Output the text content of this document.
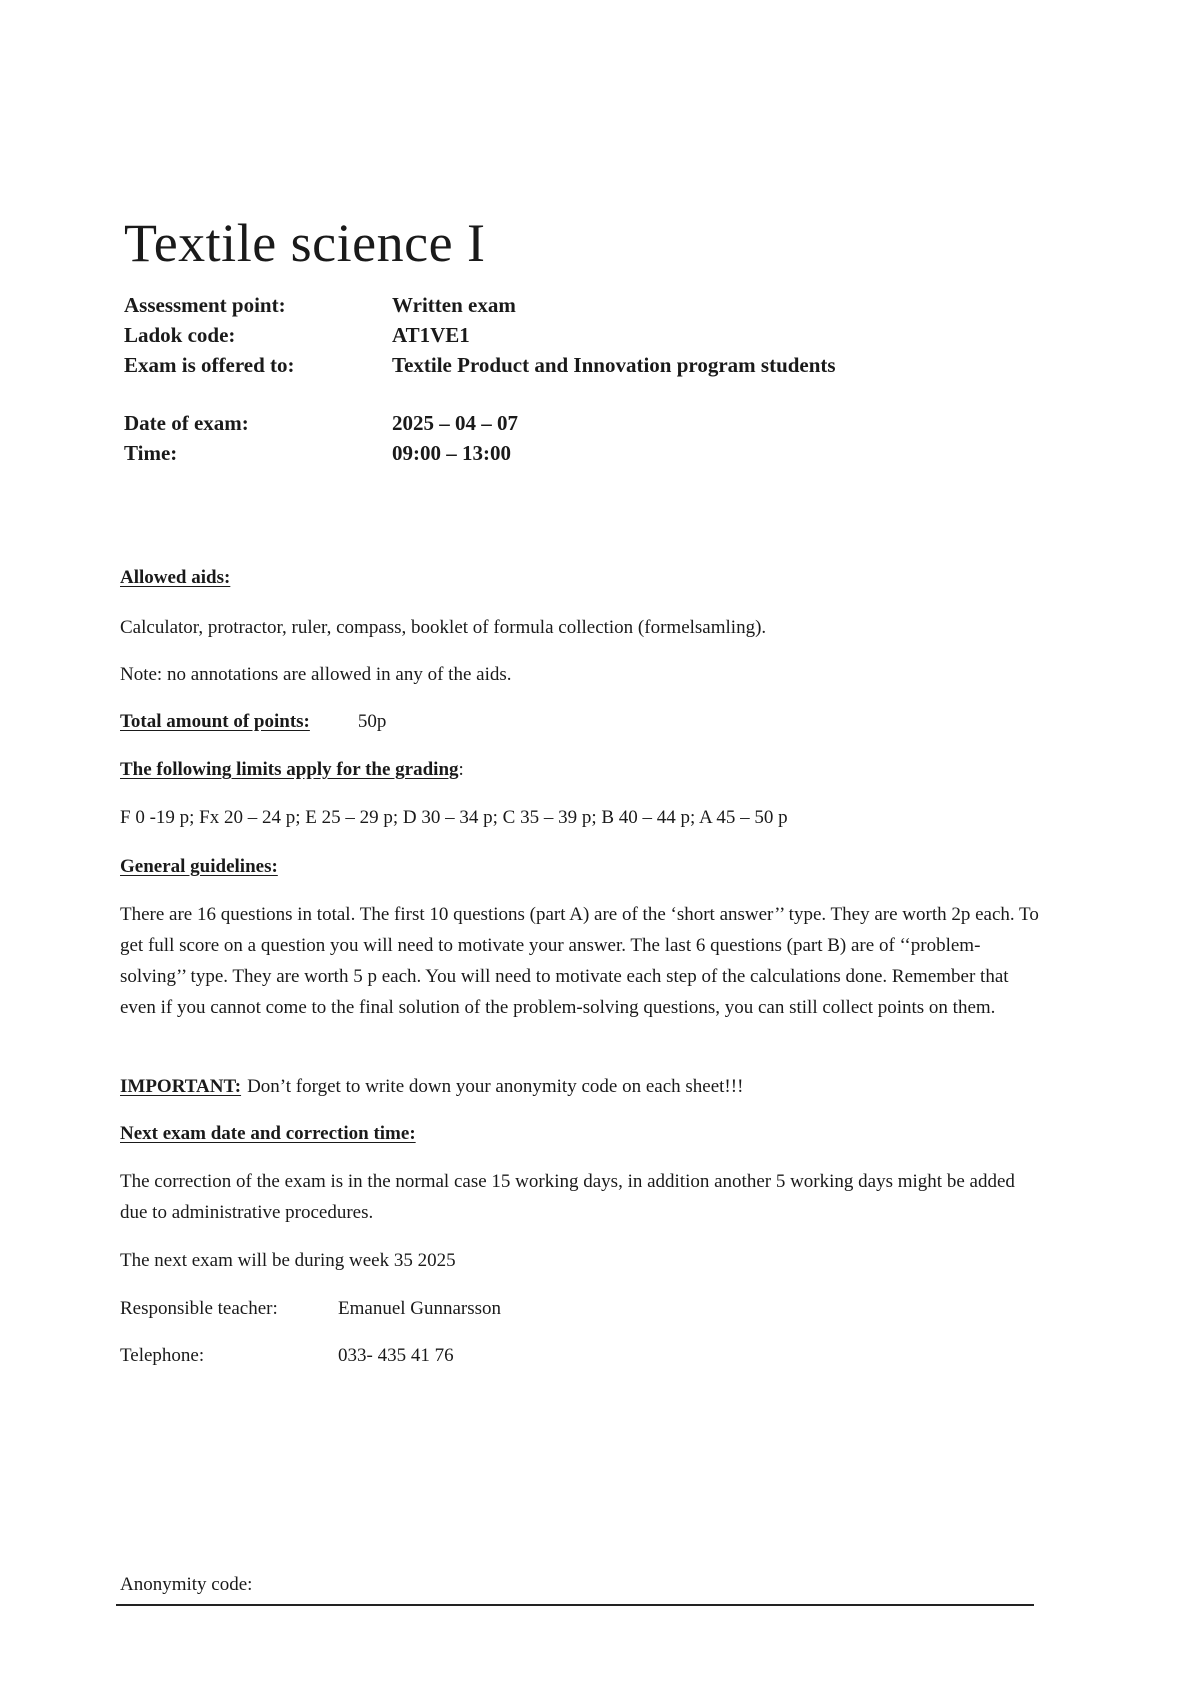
Textile science I
Assessment point:	Written exam
Ladok code:	AT1VE1
Exam is offered to:	Textile Product and Innovation program students
Date of exam:	2025 – 04 – 07
Time:	09:00 – 13:00
Allowed aids:
Calculator, protractor, ruler, compass, booklet of formula collection (formelsamling).
Note: no annotations are allowed in any of the aids.
Total amount of points:	50p
The following limits apply for the grading:
F 0 -19 p; Fx 20 – 24 p; E 25 – 29 p; D 30 – 34 p; C 35 – 39 p; B 40 – 44 p; A 45 – 50 p
General guidelines:
There are 16 questions in total. The first 10 questions (part A) are of the ‘short answer’’ type. They are worth 2p each. To get full score on a question you will need to motivate your answer. The last 6 questions (part B) are of ‘‘problem-solving’’ type. They are worth 5 p each. You will need to motivate each step of the calculations done. Remember that even if you cannot come to the final solution of the problem-solving questions, you can still collect points on them.
IMPORTANT: Don’t forget to write down your anonymity code on each sheet!!!
Next exam date and correction time:
The correction of the exam is in the normal case 15 working days, in addition another 5 working days might be added due to administrative procedures.
The next exam will be during week 35 2025
Responsible teacher:	Emanuel Gunnarsson
Telephone:	033- 435 41 76
Anonymity code:
